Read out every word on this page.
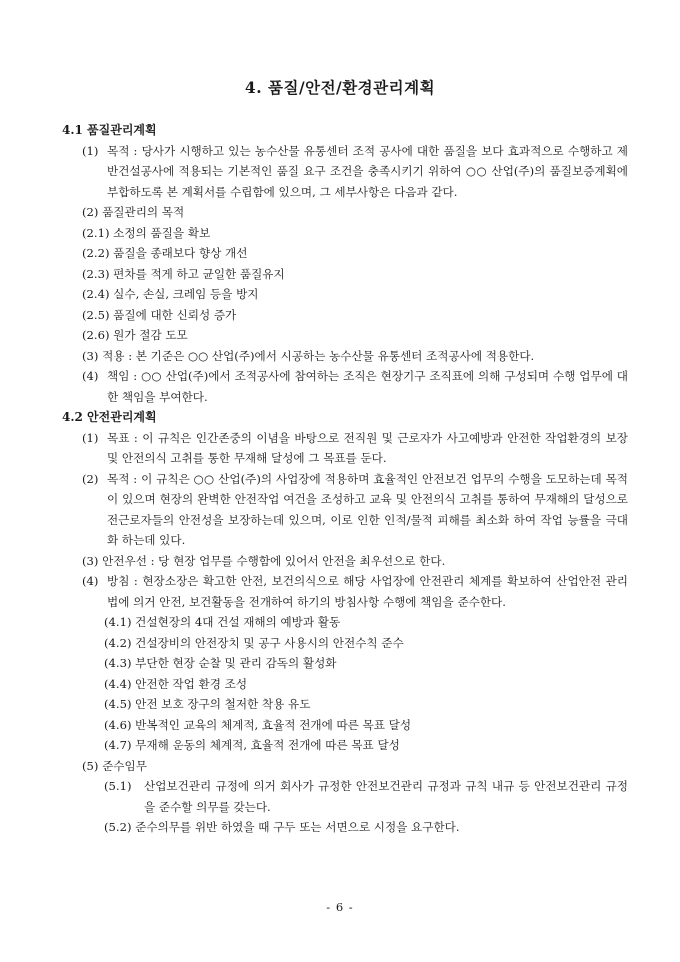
4. 품질/안전/환경관리계획

4.1 품질관리계획

(1) 목적 : 당사가 시행하고 있는 농수산물 유통센터 조적 공사에 대한 품질을 보다 효과적으로 수행하고 제반건설공사에 적용되는 기본적인 품질 요구 조건을 충족시키기 위하여 ○○ 산업(주)의 품질보증계획에 부합하도록 본 계획서를 수립함에 있으며, 그 세부사항은 다음과 같다.
(2) 품질관리의 목적
(2.1) 소정의 품질을 확보
(2.2) 품질을 종래보다 향상 개선
(2.3) 편차를 적게 하고 균일한 품질유지
(2.4) 실수, 손실, 크레임 등을 방지
(2.5) 품질에 대한 신뢰성 증가
(2.6) 원가 절감 도모
(3) 적용 : 본 기준은 ○○ 산업(주)에서 시공하는 농수산물 유통센터 조적공사에 적용한다.
(4) 책임 : ○○ 산업(주)에서 조적공사에 참여하는 조직은 현장기구 조직표에 의해 구성되며 수행 업무에 대한 책임을 부여한다.

4.2 안전관리계획

(1) 목표 : 이 규칙은 인간존중의 이념을 바탕으로 전직원 및 근로자가 사고예방과 안전한 작업환경의 보장 및 안전의식 고취를 통한 무재해 달성에 그 목표를 둔다.
(2) 목적 : 이 규칙은 ○○ 산업(주)의 사업장에 적용하며 효율적인 안전보건 업무의 수행을 도모하는데 목적이 있으며 현장의 완벽한 안전작업 여건을 조성하고 교육 및 안전의식 고취를 통하여 무재해의 달성으로 전근로자들의 안전성을 보장하는데 있으며, 이로 인한 인적/물적 피해를 최소화 하여 작업 능률을 극대화 하는데 있다.
(3) 안전우선 : 당 현장 업무를 수행함에 있어서 안전을 최우선으로 한다.
(4) 방침 : 현장소장은 확고한 안전, 보건의식으로 해당 사업장에 안전관리 체계를 확보하여 산업안전 관리법에 의거 안전, 보건활동을 전개하여 하기의 방침사항 수행에 책임을 준수한다.
(4.1) 건설현장의 4대 건설 재해의 예방과 활동
(4.2) 건설장비의 안전장치 및 공구 사용시의 안전수칙 준수
(4.3) 부단한 현장 순찰 및 관리 감독의 활성화
(4.4) 안전한 작업 환경 조성
(4.5) 안전 보호 장구의 철저한 착용 유도
(4.6) 반복적인 교육의 체계적, 효율적 전개에 따른 목표 달성
(4.7) 무재해 운동의 체계적, 효율적 전개에 따른 목표 달성
(5) 준수임무
(5.1)	산업보건관리 규정에 의거 회사가 규정한 안전보건관리 규정과 규칙 내규 등 안전보건관리 규정을 준수할 의무를 갖는다.
(5.2) 준수의무를 위반 하였을 때 구두 또는 서면으로 시정을 요구한다.
- 6 -
